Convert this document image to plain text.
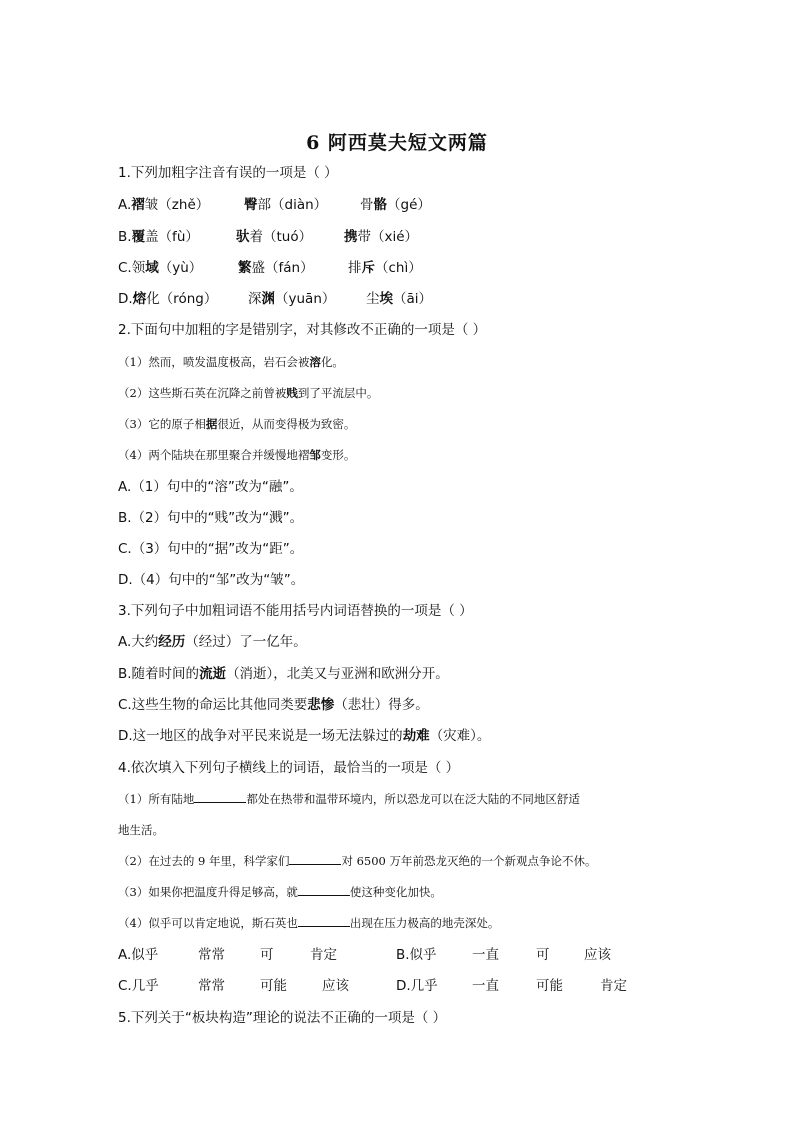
6 阿西莫夫短文两篇
1.下列加粗字注音有误的一项是（ ）
A.褶皱（zhě）	臀部（diàn） 骨骼（gé）
B.覆盖（fù）	驮着（tuó） 携带（xié）
C.领域（yù）	繁盛（fán）	排斥（chì）
D.熔化（róng） 深渊（yuān） 尘埃（āi）
2.下面句中加粗的字是错别字，对其修改不正确的一项是（ ）
（1）然而，喷发温度极高，岩石会被溶化。
（2）这些斯石英在沉降之前曾被贱到了平流层中。
（3）它的原子相据很近，从而变得极为致密。
（4）两个陆块在那里聚合并缓慢地褶邹变形。
A.（1）句中的“溶”改为“融”。
B.（2）句中的“贱”改为“溅”。
C.（3）句中的“据”改为“距”。
D.（4）句中的“邹”改为“皱”。
3.下列句子中加粗词语不能用括号内词语替换的一项是（ ）
A.大约经历（经过）了一亿年。
B.随着时间的流逝（消逝），北美又与亚洲和欧洲分开。
C.这些生物的命运比其他同类要悲惨（悲壮）得多。
D.这一地区的战争对平民来说是一场无法躲过的劫难（灾难）。
4.依次填入下列句子横线上的词语，最恰当的一项是（ ）
（1）所有陆地	都处在热带和温带环境内，所以恐龙可以在泛大陆的不同地区舒适
地生活。
（2）在过去的 9 年里，科学家们	对 6500 万年前恐龙灭绝的一个新观点争论不休。
（3）如果你把温度升得足够高，就	使这种变化加快。
（4）似乎可以肯定地说，斯石英也	出现在压力极高的地壳深处。
A.似乎	常常	可	肯定	B.似乎	一直	可	应该
C.几乎	常常	可能	应该	D.几乎	一直	可能	肯定
5.下列关于“板块构造”理论的说法不正确的一项是（ ）
